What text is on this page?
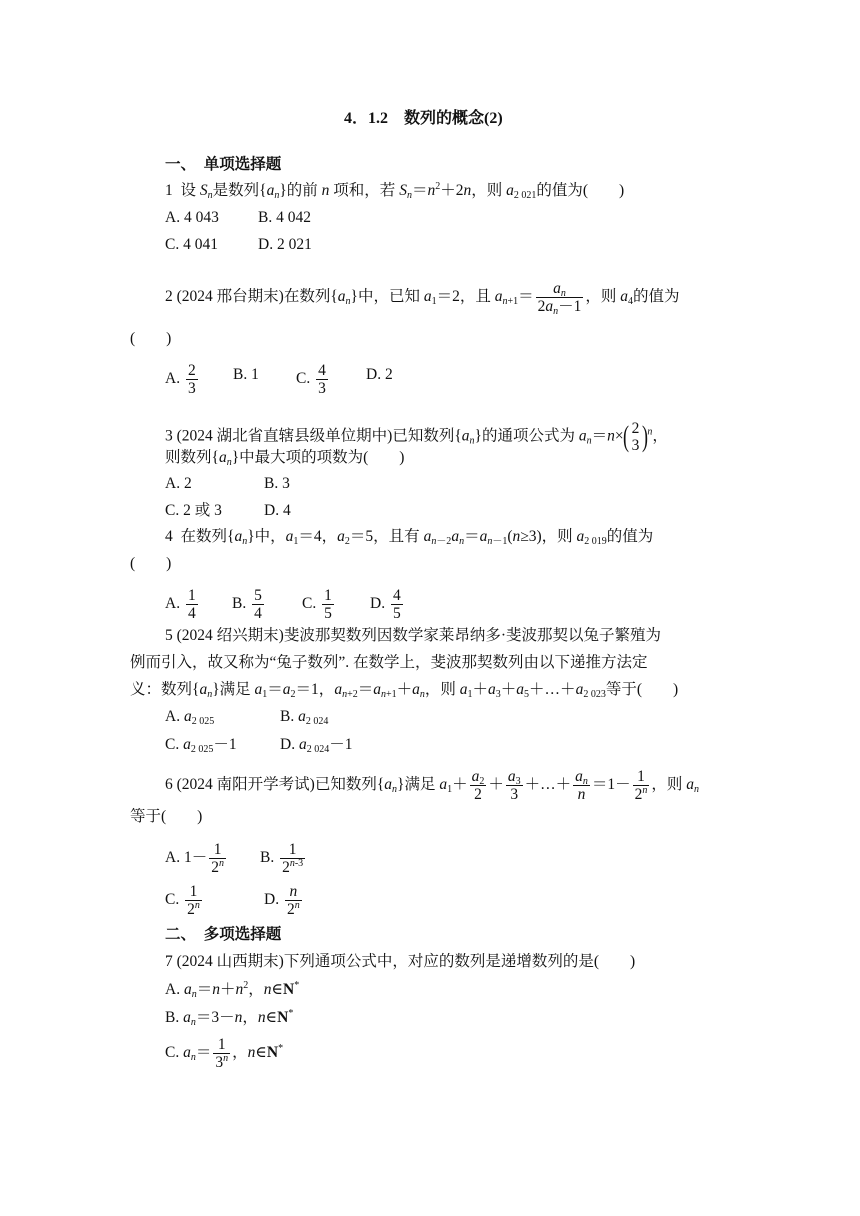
4．1.2　数列的概念(2)
一、　单项选择题
1  设 $S_n$是数列$\{a_n\}$的前 n 项和，若 $S_n=n^2+2n$，则 $a_{2 021}$的值为(　　)
A. 4 043	B. 4 042
C. 4 041	D. 2 021
2 (2024 邢台期末)在数列$\{a_n\}$中，已知 $a_1=2$，且 $a_{n+1}= \frac{a_n}{2a_n-1}$ ，则 $a_4$的值为
(　　)
A. $\frac{2}{3} B$. 1 C. $\frac{4}{3} D$. 2
3 (2024 湖北省直辖县级单位期中)已知数列$\{a_n\}$的通项公式为 $a_n=n\times$( 2
3 )$^n$，
则数列$\{a_n\}$中最大项的项数为(　　)
A. 2	B. 3
C. 2 或 3	D. 4
4  在数列$\{a_n\}$中，$a_1=4$，$a_2=5$，且有 $a_{n-2}a_n=a_{n-1}(n\ge 3)$，则 $a_{2 019}$的值为
(　　)
A. $\frac{1}{4} B$. $\frac{5}{4} C$. $\frac{1}{5} D$. $\frac{4}{5}$
5 (2024 绍兴期末)斐波那契数列因数学家莱昂纳多·斐波那契以兔子繁殖为
例而引入，故又称为“兔子数列”. 在数学上，斐波那契数列由以下递推方法定
义：数列$\{a_n\}$满足 $a_1=a_2=1$，$a_{n+2}=a_{n+1}+a_n$，则 $a_1+a_3+a_5+\dots+a_{2 023}$等于(　　)
A. $a_{2 025}$	B. $a_{2 024}$
C. $a_{2 025}-1$	D. $a_{2 024}-1$
6 (2024 南阳开学考试)已知数列$\{a_n\}$满足 $a_1+ \frac{a_2}{2} + \frac{a_3}{3}$ ＋…＋ $\frac{a_n}{n} =1- \frac{1}{2^n}$ ，则 $a_n$
等于(　　)
A. $1- \frac{1}{2^n} B$. $\frac{1}{2^{n-3}}$
C. $\frac{1}{2^n}$	D. $\frac{n}{2^n}$
二、　多项选择题
7 (2024 山西期末)下列通项公式中，对应的数列是递增数列的是(　　)
A. $a_n=n+n^2$，n∈N*
B. $a_n=3-n$，n∈N*
C. $a_n= \frac{1}{3^n}$ ，n∈N*
